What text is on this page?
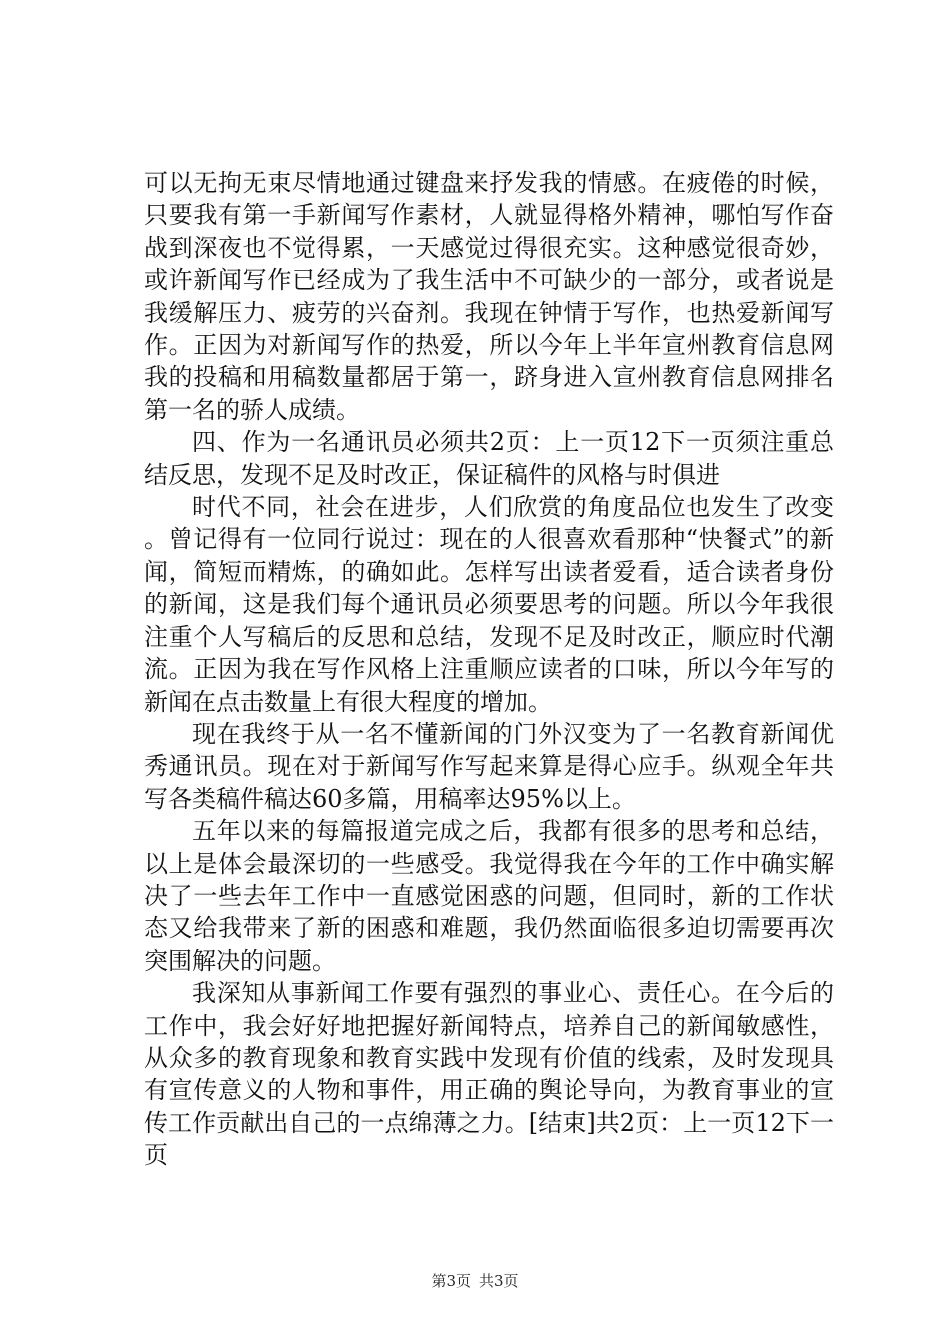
可以无拘无束尽情地通过键盘来抒发我的情感。在疲倦的时候，只要我有第一手新闻写作素材，人就显得格外精神，哪怕写作奋战到深夜也不觉得累，一天感觉过得很充实。这种感觉很奇妙，或许新闻写作已经成为了我生活中不可缺少的一部分，或者说是我缓解压力、疲劳的兴奋剂。我现在钟情于写作，也热爱新闻写作。正因为对新闻写作的热爱，所以今年上半年宣州教育信息网我的投稿和用稿数量都居于第一，跻身进入宣州教育信息网排名第一名的骄人成绩。

四、作为一名通讯员必须共2页：上一页12下一页须注重总结反思，发现不足及时改正，保证稿件的风格与时俱进

时代不同，社会在进步，人们欣赏的角度品位也发生了改变。曾记得有一位同行说过：现在的人很喜欢看那种“快餐式”的新闻，简短而精炼，的确如此。怎样写出读者爱看，适合读者身份的新闻，这是我们每个通讯员必须要思考的问题。所以今年我很注重个人写稿后的反思和总结，发现不足及时改正，顺应时代潮流。正因为我在写作风格上注重顺应读者的口味，所以今年写的新闻在点击数量上有很大程度的增加。

现在我终于从一名不懂新闻的门外汉变为了一名教育新闻优秀通讯员。现在对于新闻写作写起来算是得心应手。纵观全年共写各类稿件稿达60多篇，用稿率达95%以上。

五年以来的每篇报道完成之后，我都有很多的思考和总结，以上是体会最深切的一些感受。我觉得我在今年的工作中确实解决了一些去年工作中一直感觉困惑的问题，但同时，新的工作状态又给我带来了新的困惑和难题，我仍然面临很多迫切需要再次突围解决的问题。

我深知从事新闻工作要有强烈的事业心、责任心。在今后的工作中，我会好好地把握好新闻特点，培养自己的新闻敏感性，从众多的教育现象和教育实践中发现有价值的线索，及时发现具有宣传意义的人物和事件，用正确的舆论导向，为教育事业的宣传工作贡献出自己的一点绵薄之力。[结束]共2页：上一页12下一页

第3页 共3页
